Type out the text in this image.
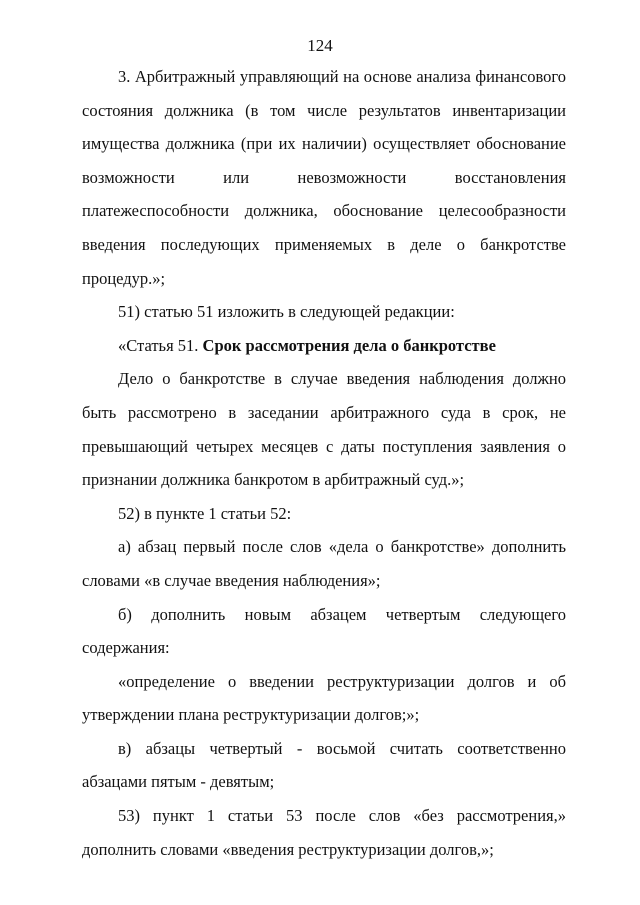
124

3. Арбитражный управляющий на основе анализа финансового состояния должника (в том числе результатов инвентаризации имущества должника (при их наличии) осуществляет обоснование возможности или невозможности восстановления платежеспособности должника, обоснование целесообразности введения последующих применяемых в деле о банкротстве процедур.»;

51) статью 51 изложить в следующей редакции:

«Статья 51. Срок рассмотрения дела о банкротстве

Дело о банкротстве в случае введения наблюдения должно быть рассмотрено в заседании арбитражного суда в срок, не превышающий четырех месяцев с даты поступления заявления о признании должника банкротом в арбитражный суд.»;

52) в пункте 1 статьи 52:

а) абзац первый после слов «дела о банкротстве» дополнить словами «в случае введения наблюдения»;

б) дополнить новым абзацем четвертым следующего содержания:

«определение о введении реструктуризации долгов и об утверждении плана реструктуризации долгов;»;

в) абзацы четвертый - восьмой считать соответственно абзацами пятым - девятым;

53) пункт 1 статьи 53 после слов «без рассмотрения,» дополнить словами «введения реструктуризации долгов,»;
